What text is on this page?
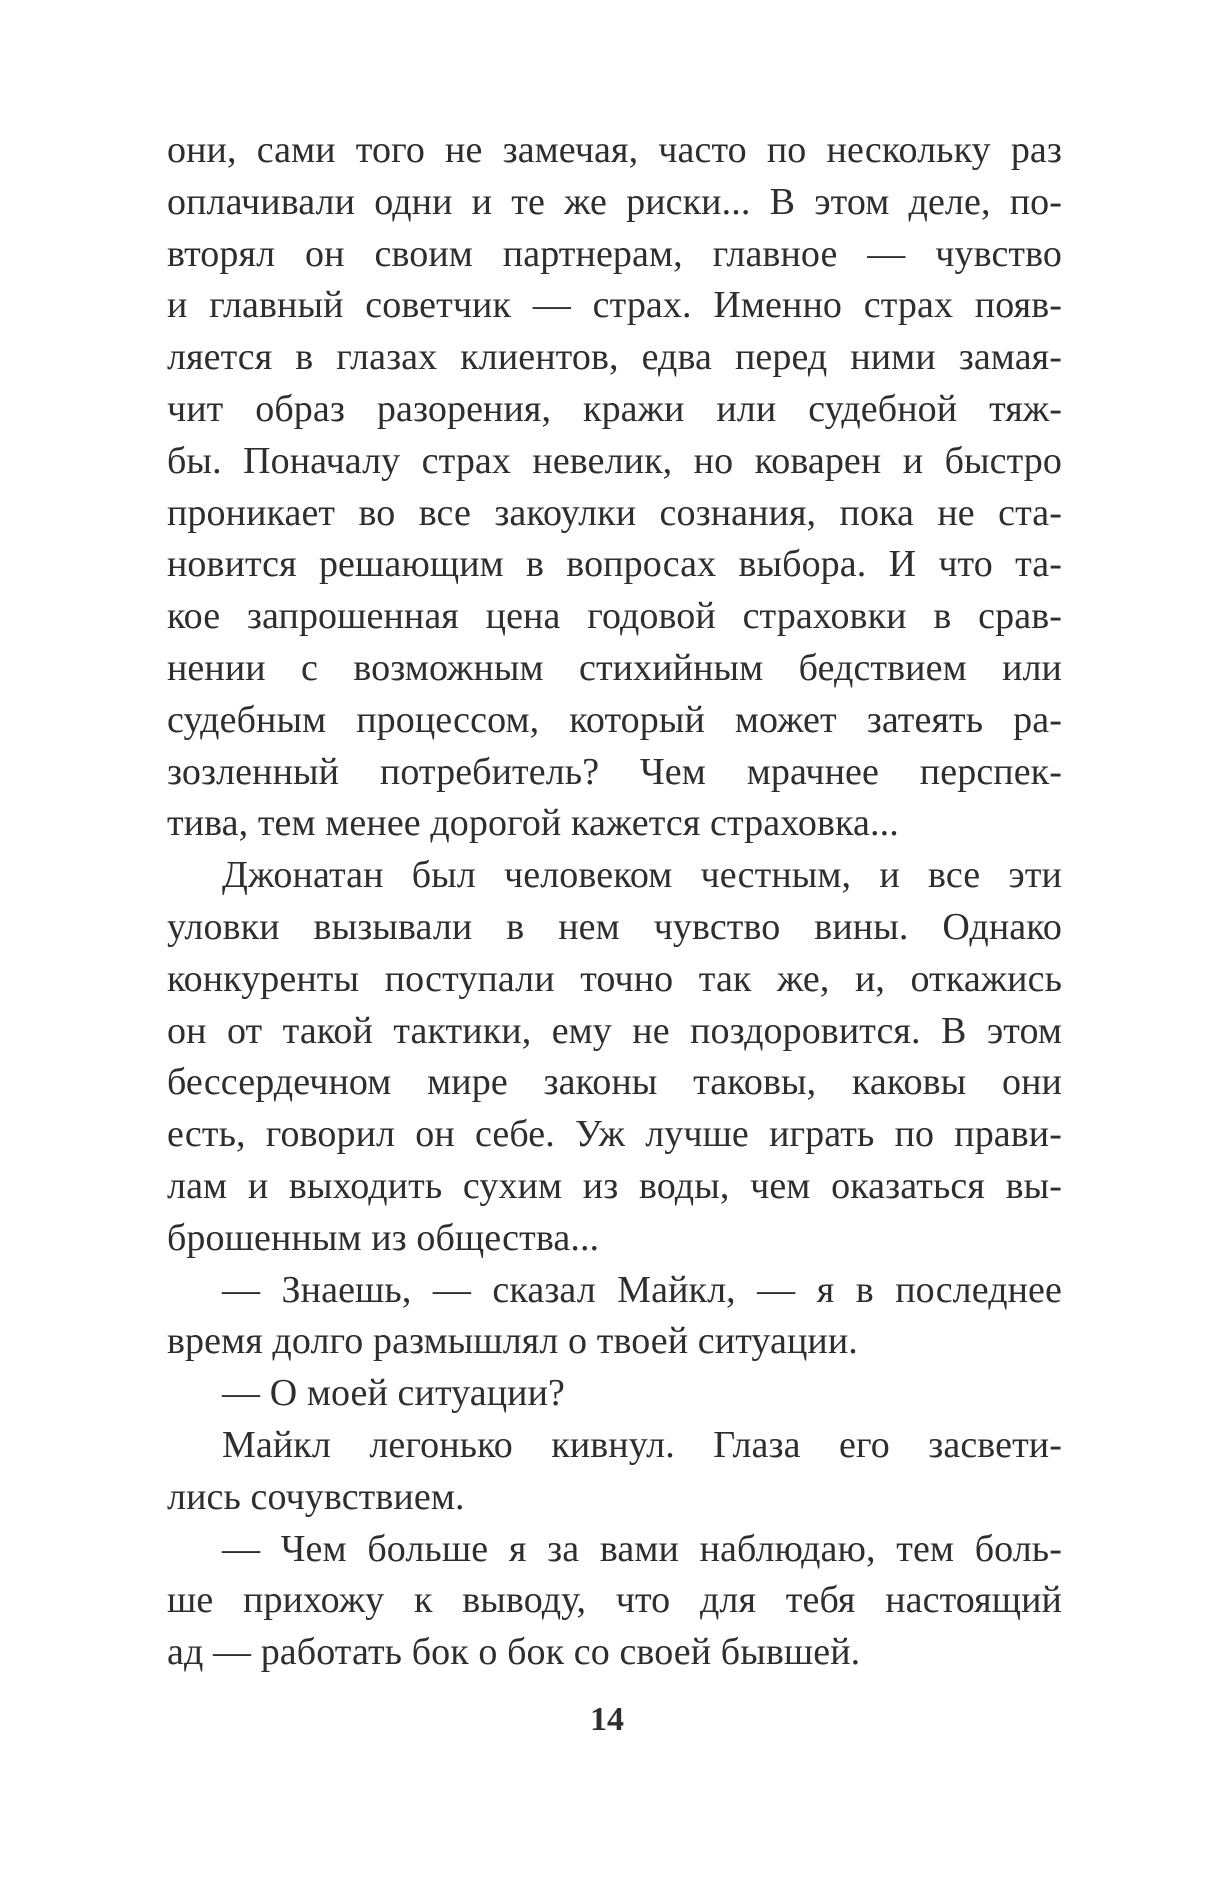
они, сами того не замечая, часто по нескольку раз
оплачивали одни и те же риски... В этом деле, по-
вторял он своим партнерам, главное — чувство
и главный советчик — страх. Именно страх появ-
ляется в глазах клиентов, едва перед ними замая-
чит образ разорения, кражи или судебной тяж-
бы. Поначалу страх невелик, но коварен и быстро
проникает во все закоулки сознания, пока не ста-
новится решающим в вопросах выбора. И что та-
кое запрошенная цена годовой страховки в срав-
нении с возможным стихийным бедствием или
судебным процессом, который может затеять ра-
зозленный потребитель? Чем мрачнее перспек-
тива, тем менее дорогой кажется страховка...
Джонатан был человеком честным, и все эти
уловки вызывали в нем чувство вины. Однако
конкуренты поступали точно так же, и, откажись
он от такой тактики, ему не поздоровится. В этом
бессердечном мире законы таковы, каковы они
есть, говорил он себе. Уж лучше играть по прави-
лам и выходить сухим из воды, чем оказаться вы-
брошенным из общества...
— Знаешь, — сказал Майкл, — я в последнее
время долго размышлял о твоей ситуации.
— О моей ситуации?
Майкл легонько кивнул. Глаза его засвети-
лись сочувствием.
— Чем больше я за вами наблюдаю, тем боль-
ше прихожу к выводу, что для тебя настоящий
ад — работать бок о бок со своей бывшей.
14
